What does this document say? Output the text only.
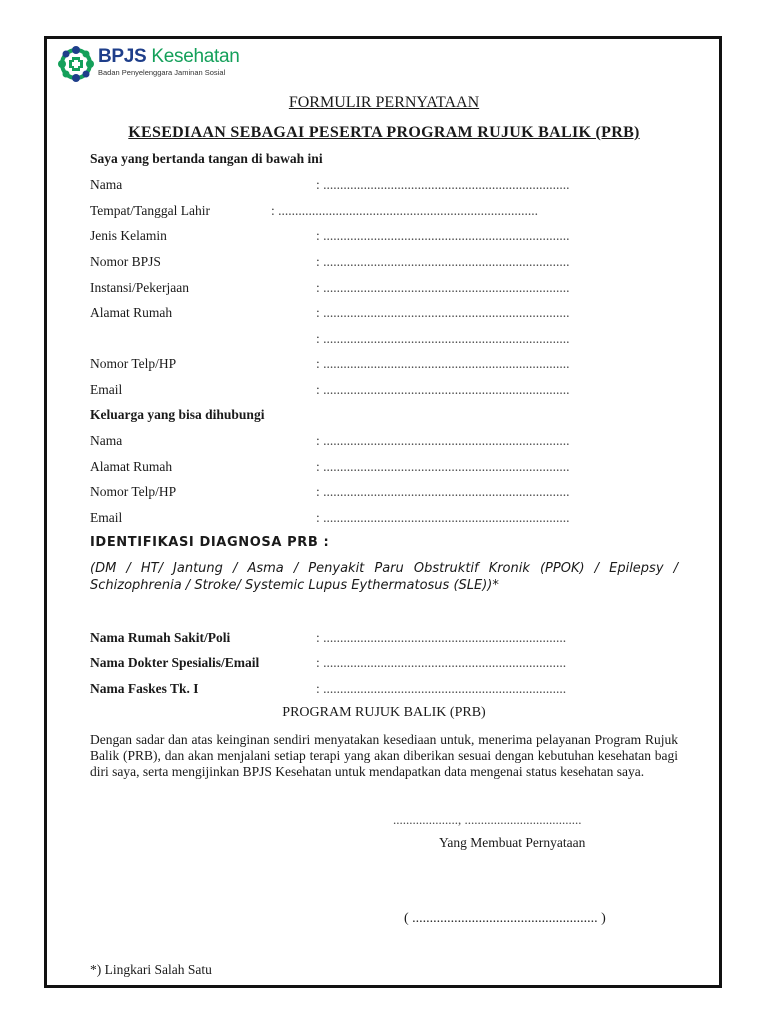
BPJS Kesehatan
Badan Penyelenggara Jaminan Sosial
FORMULIR PERNYATAAN
KESEDIAAN SEBAGAI PESERTA PROGRAM RUJUK BALIK (PRB)
Saya yang bertanda tangan di bawah ini
Nama	: .........................................................................
Tempat/Tanggal Lahir	: .............................................................................
Jenis Kelamin	: .........................................................................
Nomor BPJS	: .........................................................................
Instansi/Pekerjaan	: .........................................................................
Alamat Rumah	: .........................................................................
: .........................................................................
Nomor Telp/HP	: .........................................................................
Email	: .........................................................................
Keluarga yang bisa dihubungi
Nama	: .........................................................................
Alamat Rumah	: .........................................................................
Nomor Telp/HP	: .........................................................................
Email	: .........................................................................
IDENTIFIKASI DIAGNOSA PRB :
(DM / HT/ Jantung / Asma / Penyakit Paru Obstruktif Kronik (PPOK) / Epilepsy / Schizophrenia / Stroke/ Systemic Lupus Eythermatosus (SLE))*
Nama Rumah Sakit/Poli	: ........................................................................
Nama Dokter Spesialis/Email	: ........................................................................
Nama Faskes Tk. I	: ........................................................................
PROGRAM RUJUK BALIK (PRB)
Dengan sadar dan atas keinginan sendiri menyatakan kesediaan untuk, menerima pelayanan Program Rujuk Balik (PRB), dan akan menjalani setiap terapi yang akan diberikan sesuai dengan kebutuhan kesehatan bagi diri saya, serta mengijinkan BPJS Kesehatan untuk mendapatkan data mengenai status kesehatan saya.
...................., ....................................
Yang Membuat Pernyataan
( ..................................................... )
*) Lingkari Salah Satu
